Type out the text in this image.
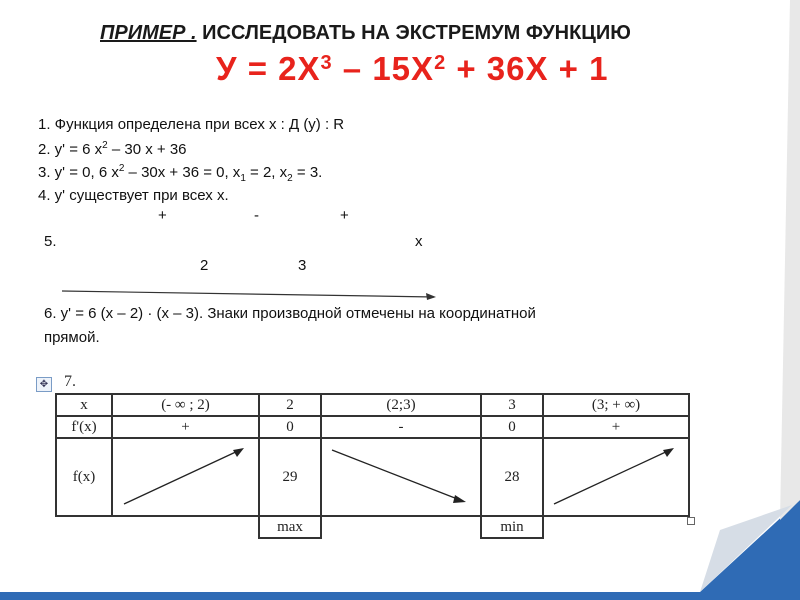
ПРИМЕР . ИССЛЕДОВАТЬ НА ЭКСТРЕМУМ ФУНКЦИЮ
$У = 2Х^3 - 15Х^2 + 36Х + 1$
1. Функция определена при всех х : Д (у) : R
2. у' = 6 $х^2 - 30$ х + 36
3. у' = 0, 6 $х^2 - 30х + 36 = 0$, $х_1 = 2$, $х_2 = 3$.
4. у' существует при всех х.
+	-	+
5.	х
2	3
6. у' = 6 (х – 2) · (х – 3). Знаки производной отмечены на координатной
прямой.
✥ 7.
х	(- ∞ ; 2)	2	(2;3)	3	(3; + ∞)
f'(x)	+	0	-	0	+
f(x)		29		28	
		max		min	
